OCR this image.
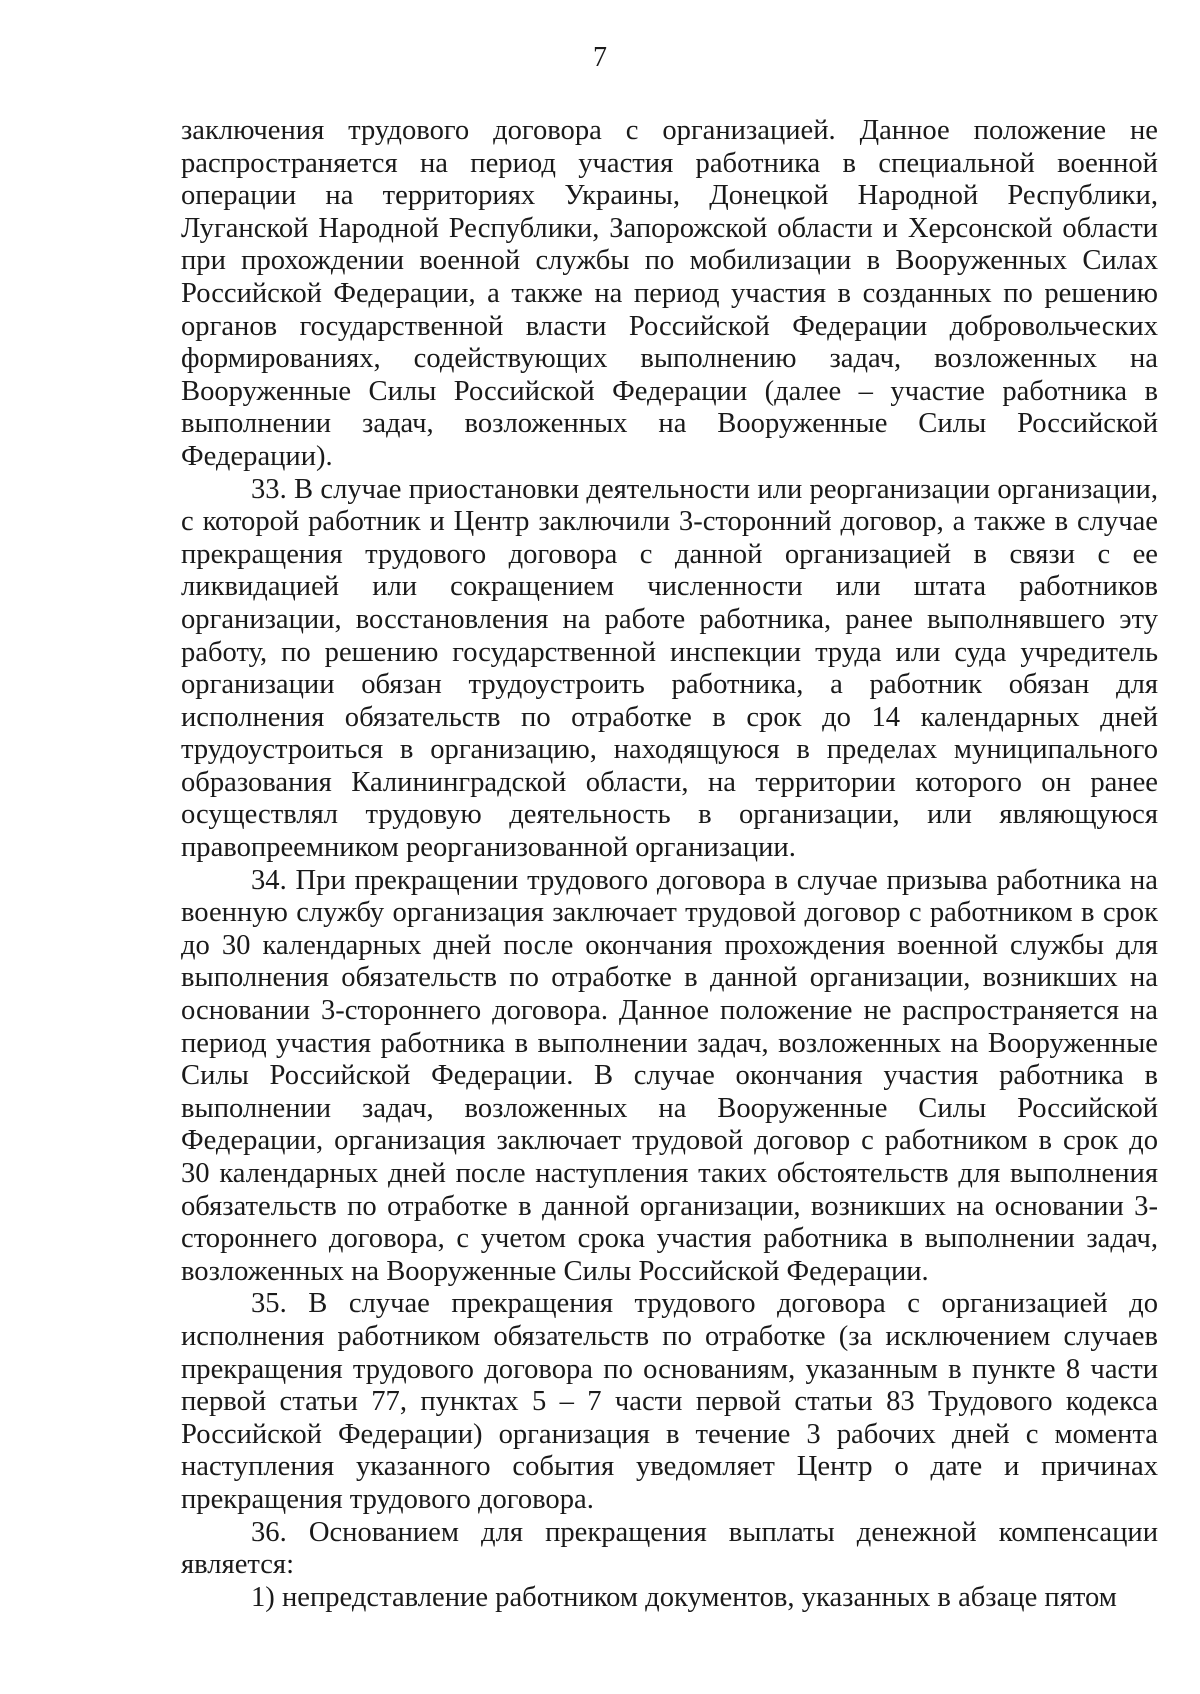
7

заключения трудового договора с организацией. Данное положение не распространяется на период участия работника в специальной военной операции на территориях Украины, Донецкой Народной Республики, Луганской Народной Республики, Запорожской области и Херсонской области при прохождении военной службы по мобилизации в Вооруженных Силах Российской Федерации, а также на период участия в созданных по решению органов государственной власти Российской Федерации добровольческих формированиях, содействующих выполнению задач, возложенных на Вооруженные Силы Российской Федерации (далее – участие работника в выполнении задач, возложенных на Вооруженные Силы Российской Федерации).

33. В случае приостановки деятельности или реорганизации организации, с которой работник и Центр заключили 3-сторонний договор, а также в случае прекращения трудового договора с данной организацией в связи с ее ликвидацией или сокращением численности или штата работников организации, восстановления на работе работника, ранее выполнявшего эту работу, по решению государственной инспекции труда или суда учредитель организации обязан трудоустроить работника, а работник обязан для исполнения обязательств по отработке в срок до 14 календарных дней трудоустроиться в организацию, находящуюся в пределах муниципального образования Калининградской области, на территории которого он ранее осуществлял трудовую деятельность в организации, или являющуюся правопреемником реорганизованной организации.

34. При прекращении трудового договора в случае призыва работника на военную службу организация заключает трудовой договор с работником в срок до 30 календарных дней после окончания прохождения военной службы для выполнения обязательств по отработке в данной организации, возникших на основании 3-стороннего договора. Данное положение не распространяется на период участия работника в выполнении задач, возложенных на Вооруженные Силы Российской Федерации. В случае окончания участия работника в выполнении задач, возложенных на Вооруженные Силы Российской Федерации, организация заключает трудовой договор с работником в срок до 30 календарных дней после наступления таких обстоятельств для выполнения обязательств по отработке в данной организации, возникших на основании 3-стороннего договора, с учетом срока участия работника в выполнении задач, возложенных на Вооруженные Силы Российской Федерации.

35. В случае прекращения трудового договора с организацией до исполнения работником обязательств по отработке (за исключением случаев прекращения трудового договора по основаниям, указанным в пункте 8 части первой статьи 77, пунктах 5 – 7 части первой статьи 83 Трудового кодекса Российской Федерации) организация в течение 3 рабочих дней с момента наступления указанного события уведомляет Центр о дате и причинах прекращения трудового договора.

36. Основанием для прекращения выплаты денежной компенсации является:

1) непредставление работником документов, указанных в абзаце пятом
